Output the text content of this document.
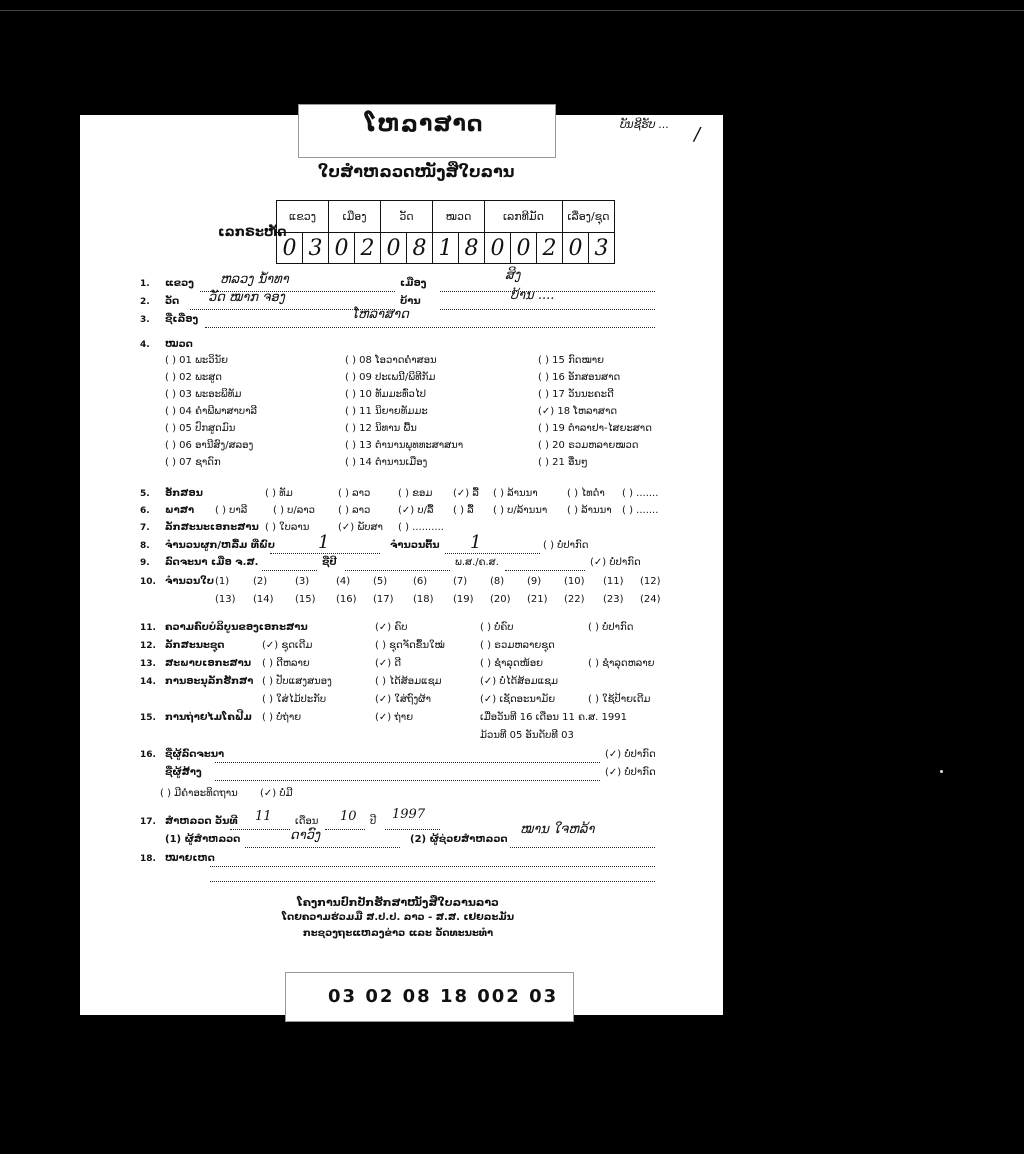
ໂຫລາສາດ
ໃບສຳຫລວດໜັງສືໃບລານ
ບັນຊີຮັບ ... /
ເລກຣະຫັດ
ແຂວງ		ເມືອງ		ວັດ		ໝວດ		ເລກທີມັດ			ເລື່ອງ/ຊຸດ	
0	3	0	2	0	8	1	8	0	0	2	0	3
1. ແຂວງ ຫລວງ ນ້ຳທາ	ເມືອງ
ສິງ
2. ວັດ ວັດ ໝາກ ຈອງ	ບ້ານ	ບ້ານ ....
3. ຊື່ເລື່ອງ	ໂຫລາສາດ
4. ໝວດ
( ) 01 ພະວິນັຍ	( ) 08 ໂອວາດຄຳສອນ	( ) 15 ກົດໝາຍ
( ) 02 ພະສູດ	( ) 09 ປະເພນີ/ພິທີກັມ	( ) 16 ອັກສອນສາດ
( ) 03 ພະອະພິທັມ	( ) 10 ທັມມະທົ່ວໄປ	( ) 17 ວັນນະຄະດີ
( ) 04 ຄຳພີພາສາບາລີ	( ) 11 ນິຍາຍທັມມະ	(✓) 18 ໂຫລາສາດ
( ) 05 ປົກສູດມົນ	( ) 12 ນິທານ ພື້ນ	( ) 19 ຕຳລາຢາ-ໄສຍະສາດ
( ) 06 ອານີສົງ/ສລອງ	( ) 13 ຕຳນານພຸທທະສາສນາ	( ) 20 ຣວມຫລາຍໝວດ
( ) 07 ຊາດົກ	( ) 14 ຕຳນານເມືອງ	( ) 21 ອື່ນໆ
5. ອັກສອນ	( ) ທັມ	( ) ລາວ	( ) ຂອມ (✓) ລື້ ( ) ລ້ານນາ	( ) ໄທດຳ ( ) .......
6. ພາສາ ( ) ບາລີ	( ) ບ/ລາວ ( ) ລາວ	(✓) ບ/ລື້ ( ) ລື້ ( ) ບ/ລ້ານນາ ( ) ລ້ານນາ ( ) .......
7. ລັກສະນະເອກະສານ ( ) ໃບລານ	(✓) ພັບສາ ( ) ..........
8. ຈຳນວນຜູກ/ຫລື້ມ ທີ່ພົບ 1	ຈຳນວນຕົ້ນ 1	( ) ບໍ່ປາກົດ
9. ລົດຈະນາ ເມື່ອ ຈ.ສ.	ຊີ່ປີ	ພ.ສ./ຄ.ສ.	(✓) ບໍ່ປາກົດ
10. ຈຳນວນໃບ (1) (2)	(3)	(4) (5)	(6)	(7) (8) (9) (10) (11) (12)
(13) (14) (15) (16) (17) (18) (19) (20) (21) (22) (23) (24)
11. ຄວາມຄົບບໍລິບູນຂອງເອກະສານ	(✓) ຄົບ	( ) ບໍ່ຄົບ	( ) ບໍ່ປາກົດ
12. ລັກສະນະຊຸດ	(✓) ຊຸດເດີມ	( ) ຊຸດຈັດຂຶ້ນໃໝ່	( ) ຣວມຫລາຍຊຸດ
13. ສະພາບເອກະສານ ( ) ດີຫລາຍ	(✓) ດີ	( ) ຊຳລຸດໜ້ອຍ	( ) ຊຳລຸດຫລາຍ
14. ການອະນຸລັກຮັກສາ ( ) ປັບແສງສນອງ	( ) ໄດ້ສ້ອມແຊມ	(✓) ບໍ່ໄດ້ສ້ອມແຊມ
( ) ໃສ່ໄມ້ປະກັບ	(✓) ໃສ່ຖົງຜ້າ	(✓) ເຊັດອະນາມັຍ	( ) ໃຊ້ປ້າຍເດີມ
15. ການຖ່າຍໄມໂຄຟີມ ( ) ບໍ່ຖ່າຍ	(✓) ຖ່າຍ	ເມື່ອວັນທີ 16 ເດືອນ 11 ຄ.ສ. 1991
ມ້ວນທີ 05 ອັນດັບທີ 03
16. ຊື່ຜູ້ລົດຈະນາ	(✓) ບໍ່ປາກົດ
ຊື່ຜູ້ສ້າງ	(✓) ບໍ່ປາກົດ
( ) ມີຄຳອະທິດຖານ (✓) ບໍ່ມີ
17. ສຳຫລວດ ວັນທີ 11 ເດືອນ 10 ປີ 1997
(1) ຜູ້ສຳຫລວດ	ດາວົງ	(2) ຜູ້ຊ່ວຍສຳຫລວດ
ໝານ ໃຈຫລ້າ
18. ໝາຍເຫດ
ໂຄງການປົກປັກຮັກສາໜັງສືໃບລານລາວ
ໂດຍຄວາມຮ່ວມມື ສ.ປ.ປ. ລາວ - ສ.ສ. ເຢຍລະມັນ
ກະຊວງຖະແຫລງຂ່າວ ແລະ ວັດທະນະທຳ
03 02 08 18 002 03
